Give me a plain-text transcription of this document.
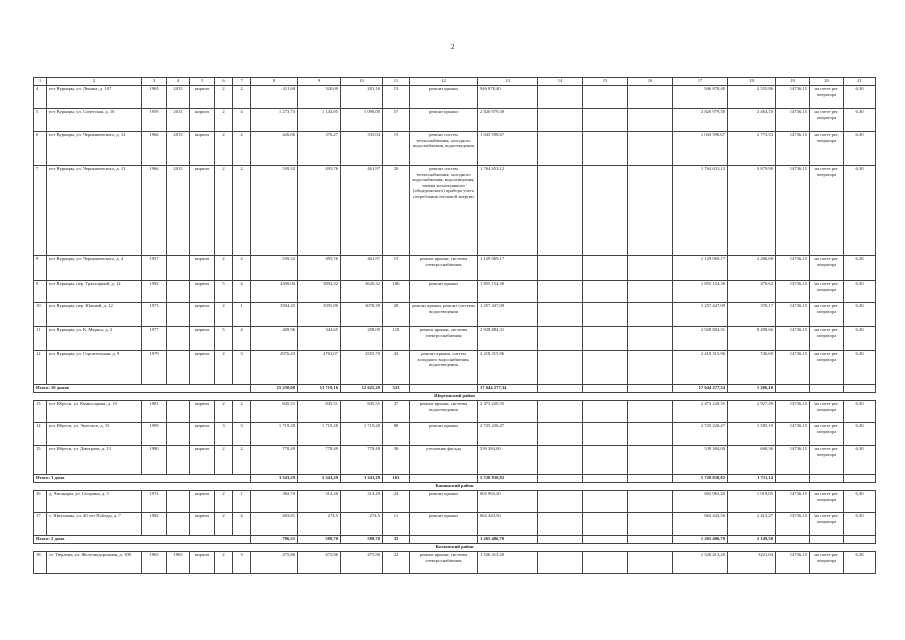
2
1	2	3	4	5	6	7	8	9	10	11	12	13	14	15	16	17	18	19	20	21
4	пгт Вурнары, ул. Ленина, д. 107	1963	2015	кирпич	2	2	411,60	320,00	281,16	13	ремонт крыши	946 878,40				946 878,40	2 555,86	14736,15	на счете рег. оператора	6,30
5	пгт Вурнары, ул. Советская, д. 10	1959	2015	кирпич	2	4	1 273,73	1 144,85	1 098,00	57	ремонт крыши	2 820 979,30				2 820 979,30	2 464,10	14736,15	на счете рег. оператора	6,30
6	пгт Вурнары, ул. Чернышевского, д. 12	1966	2015	кирпич	2	2	426,06	376,27	335,04	15	ремонт систем теплоснабжения, холодного водоснабжения, водоотведения	1 043 598,67				1 043 598,67	2 773,53	14736,15	на счете рег. оператора	6,30
7	пгт Вурнары, ул. Чернышевского, д. 13	1966	2015	кирпич	2	2	539,32	495,76	461,97	20	ремонт систем теплоснабжения, холодного водоснабжения, водоотведения, замена коллективного (общедомового) прибора учета потребления тепловой энергии	1 764 653,12				1 764 653,12	3 879,90	14736,15	на счете рег. оператора	6,30
8	пгт Вурнары, ул. Чернышевского, д. 4	1957		кирпич	2	2	539,32	495,76	461,97	15	ремонт крыши, системы электроснабжения	1 129 069,17				1 129 069,17	2 286,68	14736,15	на счете рег. оператора	6,30
9	пгт Вурнары, пер. Тракторный, д. 14	1992		кирпич	5	4	4398,00	3892,32	3620,32	186	ремонт крыши	1 855 154,30				1 855 154,30	476,62	14736,15	на счете рег. оператора	6,30
10	пгт Вурнары, пер. Южный, д. 12	1973		кирпич	2	1	3594,45	3395,80	3078,39	28	ремонт крыши, ремонт системы водоотведения	1 257 447,09				1 257 447,09	370,17	14736,15	на счете рег. оператора	6,30
11	пгт Вурнары, ул. К. Маркса, д. 2	1977		кирпич	5	4	408,96	344,65	298,09	118	ремонт крыши, системы электроснабжения	2 928 884,31				2 928 884,31	8 498,66	14736,15	на счете рег. оператора	6,30
12	пгт Вурнары, ул. Строительная, д. 9	1979		кирпич	2	3	2976,43	2763,07	2555,70	43	ремонт крыши, систем холодного водоснабжения, водоотведения	2 418 315,96				2 418 315,96	746,60	14736,15	на счете рег. оператора	6,30
Итого: 10 домов							15 250,08	13 719,16	12 625,29	523		17 644 277,34				17 644 277,34	1 286,10			
Шорсинский район																				
13	пгт Ибреси, ул. Комиссарова, д. 10	1981		кирпич	2	2	845,51	845,51	845,51	37	ремонт крыши, системы водоотведения	2 473 220,35				2 473 220,35	2 927,49	14736,15	на счете рег. оператора	6,30
14	пгт Ибреси, ул. Энгельса, д. 15	1999		кирпич	3	3	1 719,28	1 719,28	1 719,28	88	ремонт крыши	2 725 226,47				2 725 226,47	1 585,19	14736,15	на счете рег. оператора	6,30
15	пгт Ибреси, ул. Дмитрова, д. 13	1980		кирпич	2	2	778,49	778,49	778,49	38	утепление фасада	539 384,00				539 384,00	668,36	14736,15	на счете рег. оператора	6,30
Итого: 3 дома							3 343,29	3 343,29	3 343,29	163		5 720 830,82				5 720 830,82	1 711,14			
Канашский район																				
16	д. Чиганары, ул. Гагарина, д. 5	1972		кирпич	2	1	382,70	314,20	314,20	24	ремонт крыши	602 963,20				602 963,20	1 919,05	14736,15	на счете рег. оператора	6,30
17	с. Шихазаны, ул. 40 лет Победы, д. 7	1982		кирпич	2	4	403,81	274,5	274,5	11	ремонт крыши	662 443,50				662 443,50	2 413,27	14736,15	на счете рег. оператора	6,30
Итого: 2 дома							786,51	588,70	588,70	35		1 265 406,70				1 265 406,70	2 149,50			
Козловский район																				
18	ст. Тюрлема, ул. Железнодорожная, д. 100	1965	1965	кирпич	2	3	475,86	475,86	475,86	22	ремонт крыши, системы электроснабжения	1 526 413,20				1 526 413,20	3221,64	14736,15	на счете рег. оператора	6,30
